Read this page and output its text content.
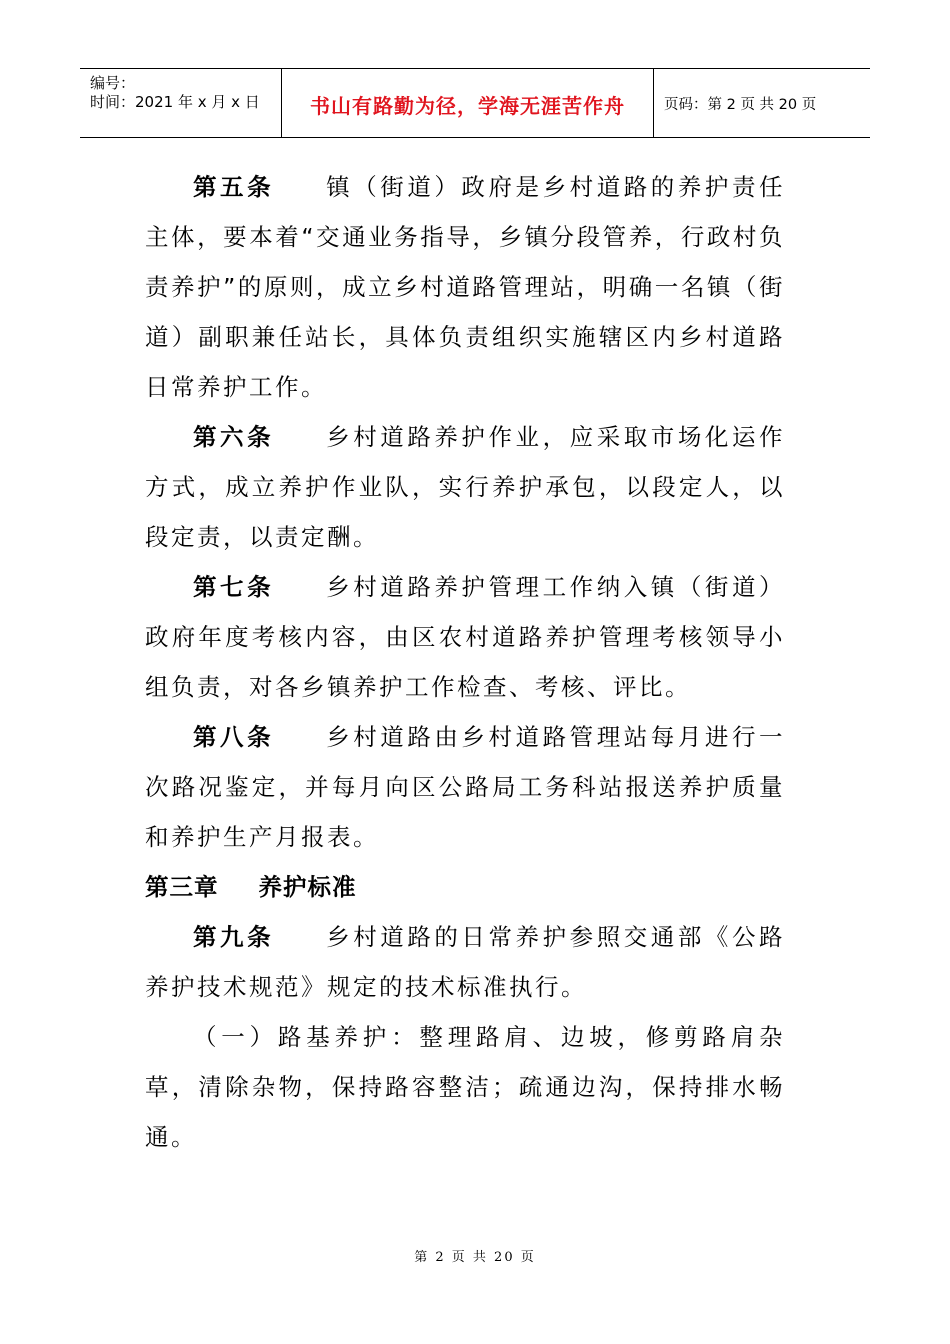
编号：
时间：2021 年 x 月 x 日	书山有路勤为径，学海无涯苦作舟	页码：第 2 页 共 20 页

第五条 镇（街道）政府是乡村道路的养护责任主体，要本着“交通业务指导，乡镇分段管养，行政村负责养护”的原则，成立乡村道路管理站，明确一名镇（街道）副职兼任站长，具体负责组织实施辖区内乡村道路日常养护工作。

第六条 乡村道路养护作业，应采取市场化运作方式，成立养护作业队，实行养护承包，以段定人，以段定责，以责定酬。

第七条 乡村道路养护管理工作纳入镇（街道）政府年度考核内容，由区农村道路养护管理考核领导小组负责，对各乡镇养护工作检查、考核、评比。

第八条 乡村道路由乡村道路管理站每月进行一次路况鉴定，并每月向区公路局工务科站报送养护质量和养护生产月报表。

第三章 养护标准

第九条 乡村道路的日常养护参照交通部《公路养护技术规范》规定的技术标准执行。

（一）路基养护：整理路肩、边坡，修剪路肩杂草，清除杂物，保持路容整洁；疏通边沟，保持排水畅通。

第 2 页 共 20 页
